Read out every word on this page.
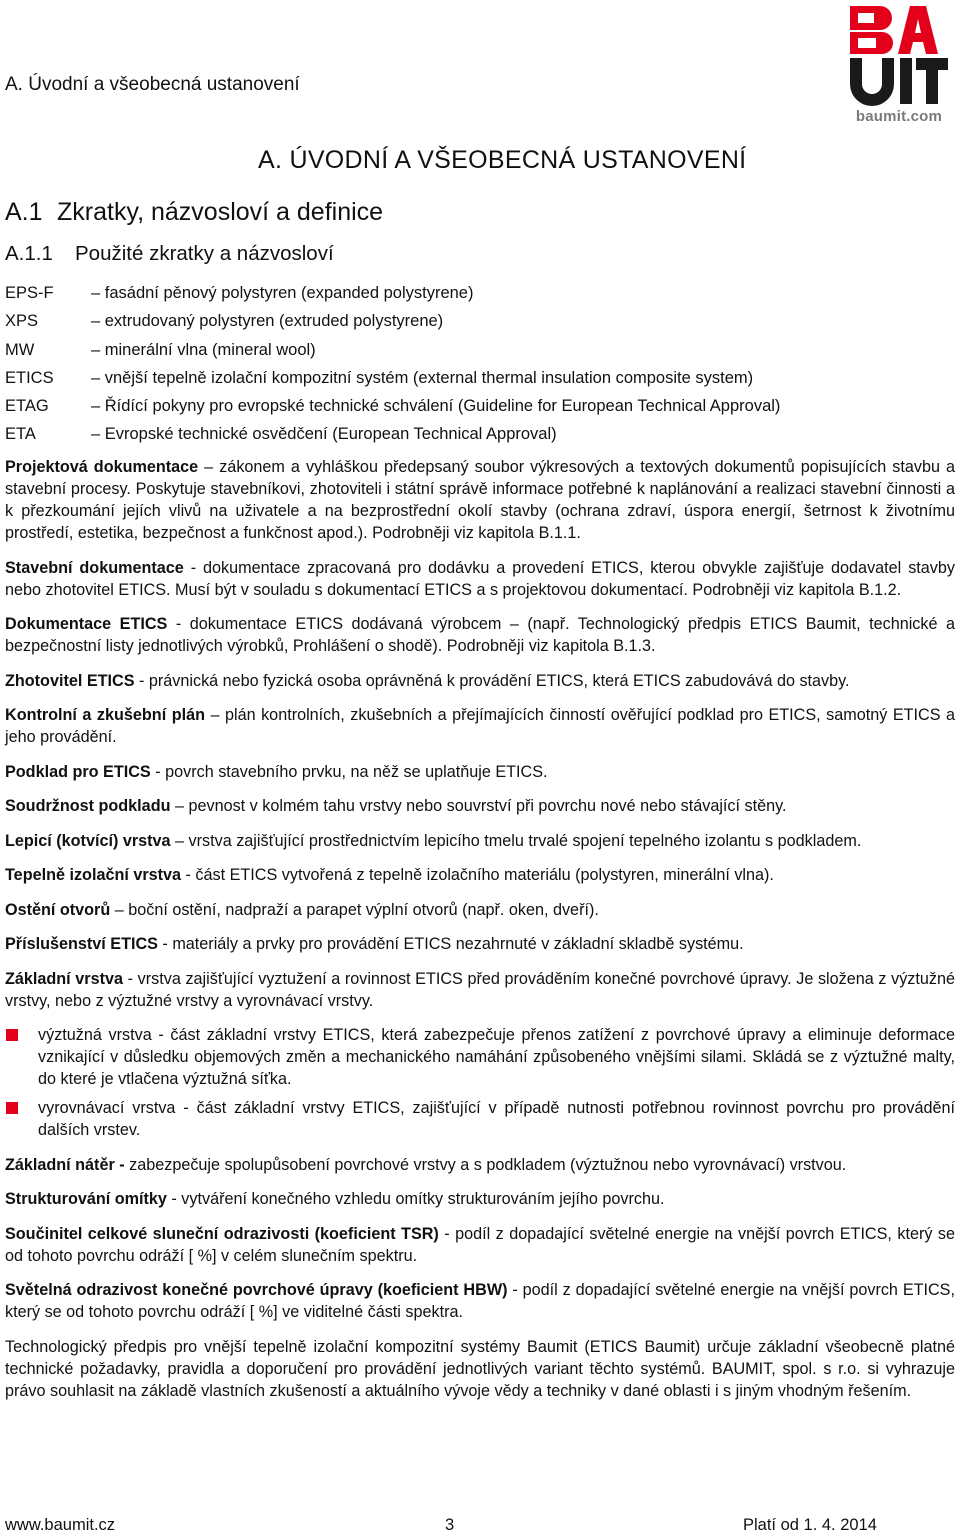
baumit.com
A. Úvodní a všeobecná ustanovení
A. ÚVODNÍ A VŠEOBECNÁ USTANOVENÍ
A.1 Zkratky, názvosloví a definice
A.1.1 Použité zkratky a názvosloví
EPS-F	– fasádní pěnový polystyren (expanded polystyrene)
XPS	– extrudovaný polystyren (extruded polystyrene)
MW	– minerální vlna (mineral wool)
ETICS	– vnější tepelně izolační kompozitní systém (external thermal insulation composite system)
ETAG	– Řídící pokyny pro evropské technické schválení (Guideline for European Technical Approval)
ETA	– Evropské technické osvědčení (European Technical Approval)

Projektová dokumentace – zákonem a vyhláškou předepsaný soubor výkresových a textových dokumentů popisujících stavbu a stavební procesy. Poskytuje stavebníkovi, zhotoviteli i státní správě informace potřebné k naplánování a realizaci stavební činnosti a k přezkoumání jejích vlivů na uživatele a na bezprostřední okolí stavby (ochrana zdraví, úspora energií, šetrnost k životnímu prostředí, estetika, bezpečnost a funkčnost apod.). Podrobněji viz kapitola B.1.1.

Stavební dokumentace - dokumentace zpracovaná pro dodávku a provedení ETICS, kterou obvykle zajišťuje dodavatel stavby nebo zhotovitel ETICS. Musí být v souladu s dokumentací ETICS a s projektovou dokumentací. Podrobněji viz kapitola B.1.2.

Dokumentace ETICS - dokumentace ETICS dodávaná výrobcem – (např. Technologický předpis ETICS Baumit, technické a bezpečnostní listy jednotlivých výrobků, Prohlášení o shodě). Podrobněji viz kapitola B.1.3.

Zhotovitel ETICS - právnická nebo fyzická osoba oprávněná k provádění ETICS, která ETICS zabudovává do stavby.

Kontrolní a zkušební plán – plán kontrolních, zkušebních a přejímajících činností ověřující podklad pro ETICS, samotný ETICS a jeho provádění.

Podklad pro ETICS - povrch stavebního prvku, na něž se uplatňuje ETICS.

Soudržnost podkladu – pevnost v kolmém tahu vrstvy nebo souvrství při povrchu nové nebo stávající stěny.

Lepicí (kotvící) vrstva – vrstva zajišťující prostřednictvím lepicího tmelu trvalé spojení tepelného izolantu s podkladem.

Tepelně izolační vrstva - část ETICS vytvořená z tepelně izolačního materiálu (polystyren, minerální vlna).

Ostění otvorů – boční ostění, nadpraží a parapet výplní otvorů (např. oken, dveří).

Příslušenství ETICS - materiály a prvky pro provádění ETICS nezahrnuté v základní skladbě systému.

Základní vrstva - vrstva zajišťující vyztužení a rovinnost ETICS před prováděním konečné povrchové úpravy. Je složena z výztužné vrstvy, nebo z výztužné vrstvy a vyrovnávací vrstvy.

výztužná vrstva - část základní vrstvy ETICS, která zabezpečuje přenos zatížení z povrchové úpravy a eliminuje deformace vznikající v důsledku objemových změn a mechanického namáhání způsobeného vnějšími silami. Skládá se z výztužné malty, do které je vtlačena výztužná síťka.
vyrovnávací vrstva - část základní vrstvy ETICS, zajišťující v případě nutnosti potřebnou rovinnost povrchu pro provádění dalších vrstev.

Základní nátěr - zabezpečuje spolupůsobení povrchové vrstvy a s podkladem (výztužnou nebo vyrovnávací) vrstvou.

Strukturování omítky - vytváření konečného vzhledu omítky strukturováním jejího povrchu.

Součinitel celkové sluneční odrazivosti (koeficient TSR) - podíl z dopadající světelné energie na vnější povrch ETICS, který se od tohoto povrchu odráží [ %] v celém slunečním spektru.

Světelná odrazivost konečné povrchové úpravy (koeficient HBW) - podíl z dopadající světelné energie na vnější povrch ETICS, který se od tohoto povrchu odráží [ %] ve viditelné části spektra.

Technologický předpis pro vnější tepelně izolační kompozitní systémy Baumit (ETICS Baumit) určuje základní všeobecně platné technické požadavky, pravidla a doporučení pro provádění jednotlivých variant těchto systémů. BAUMIT, spol. s r.o. si vyhrazuje právo souhlasit na základě vlastních zkušeností a aktuálního vývoje vědy a techniky v dané oblasti i s jiným vhodným řešením.

www.baumit.cz	3	Platí od 1. 4. 2014
